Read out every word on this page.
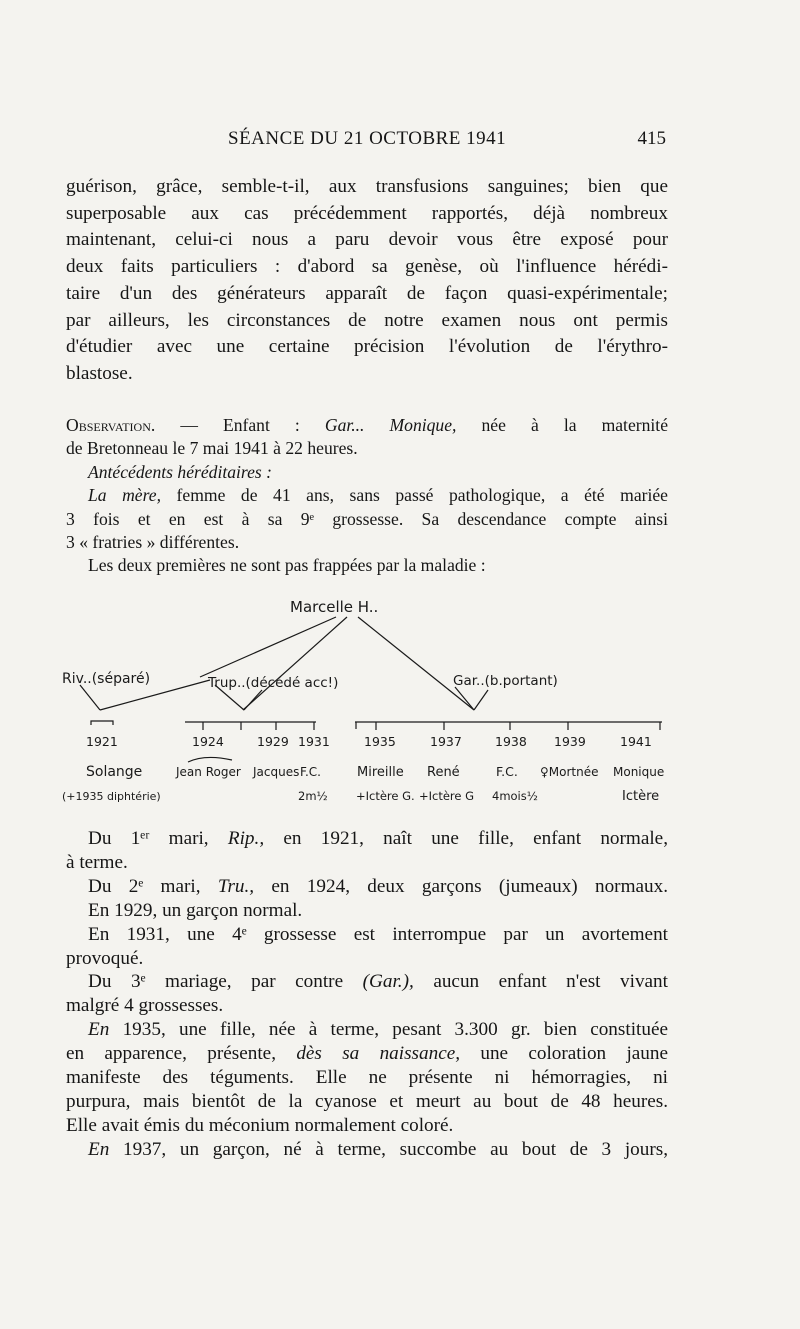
SÉANCE DU 21 OCTOBRE 1941	415

guérison, grâce, semble-t-il, aux transfusions sanguines; bien que

superposable aux cas précédemment rapportés, déjà nombreux

maintenant, celui-ci nous a paru devoir vous être exposé pour

deux faits particuliers : d'abord sa genèse, où l'influence hérédi-

taire d'un des générateurs apparaît de façon quasi-expérimentale;

par ailleurs, les circonstances de notre examen nous ont permis

d'étudier avec une certaine précision l'évolution de l'érythro-

blastose.

Observation. — Enfant : Gar... Monique, née à la maternité

de Bretonneau le 7 mai 1941 à 22 heures.

Antécédents héréditaires :

La mère, femme de 41 ans, sans passé pathologique, a été mariée

3 fois et en est à sa 9ᵉ grossesse. Sa descendance compte ainsi

3 « fratries » différentes.

Les deux premières ne sont pas frappées par la maladie :

Marcelle H..
Riv..(séparé)	Trup..(décédé acc!)	Gar..(b.portant)
1921	1924	1929 1931	1935	1937	1938 1939	1941
Solange	Jean Roger Jacques F.C.	Mireille René	F.C. ♀Mortnée Monique
(+1935 diphtérie)	2m½ +Ictère G. +Ictère G 4mois½	Ictère

Du 1ᵉʳ mari, Rip., en 1921, naît une fille, enfant normale,

à terme.

Du 2ᵉ mari, Tru., en 1924, deux garçons (jumeaux) normaux.

En 1929, un garçon normal.

En 1931, une 4ᵉ grossesse est interrompue par un avortement

provoqué.

Du 3ᵉ mariage, par contre (Gar.), aucun enfant n'est vivant

malgré 4 grossesses.

En 1935, une fille, née à terme, pesant 3.300 gr. bien constituée

en apparence, présente, dès sa naissance, une coloration jaune

manifeste des téguments. Elle ne présente ni hémorragies, ni

purpura, mais bientôt de la cyanose et meurt au bout de 48 heures.

Elle avait émis du méconium normalement coloré.

En 1937, un garçon, né à terme, succombe au bout de 3 jours,
